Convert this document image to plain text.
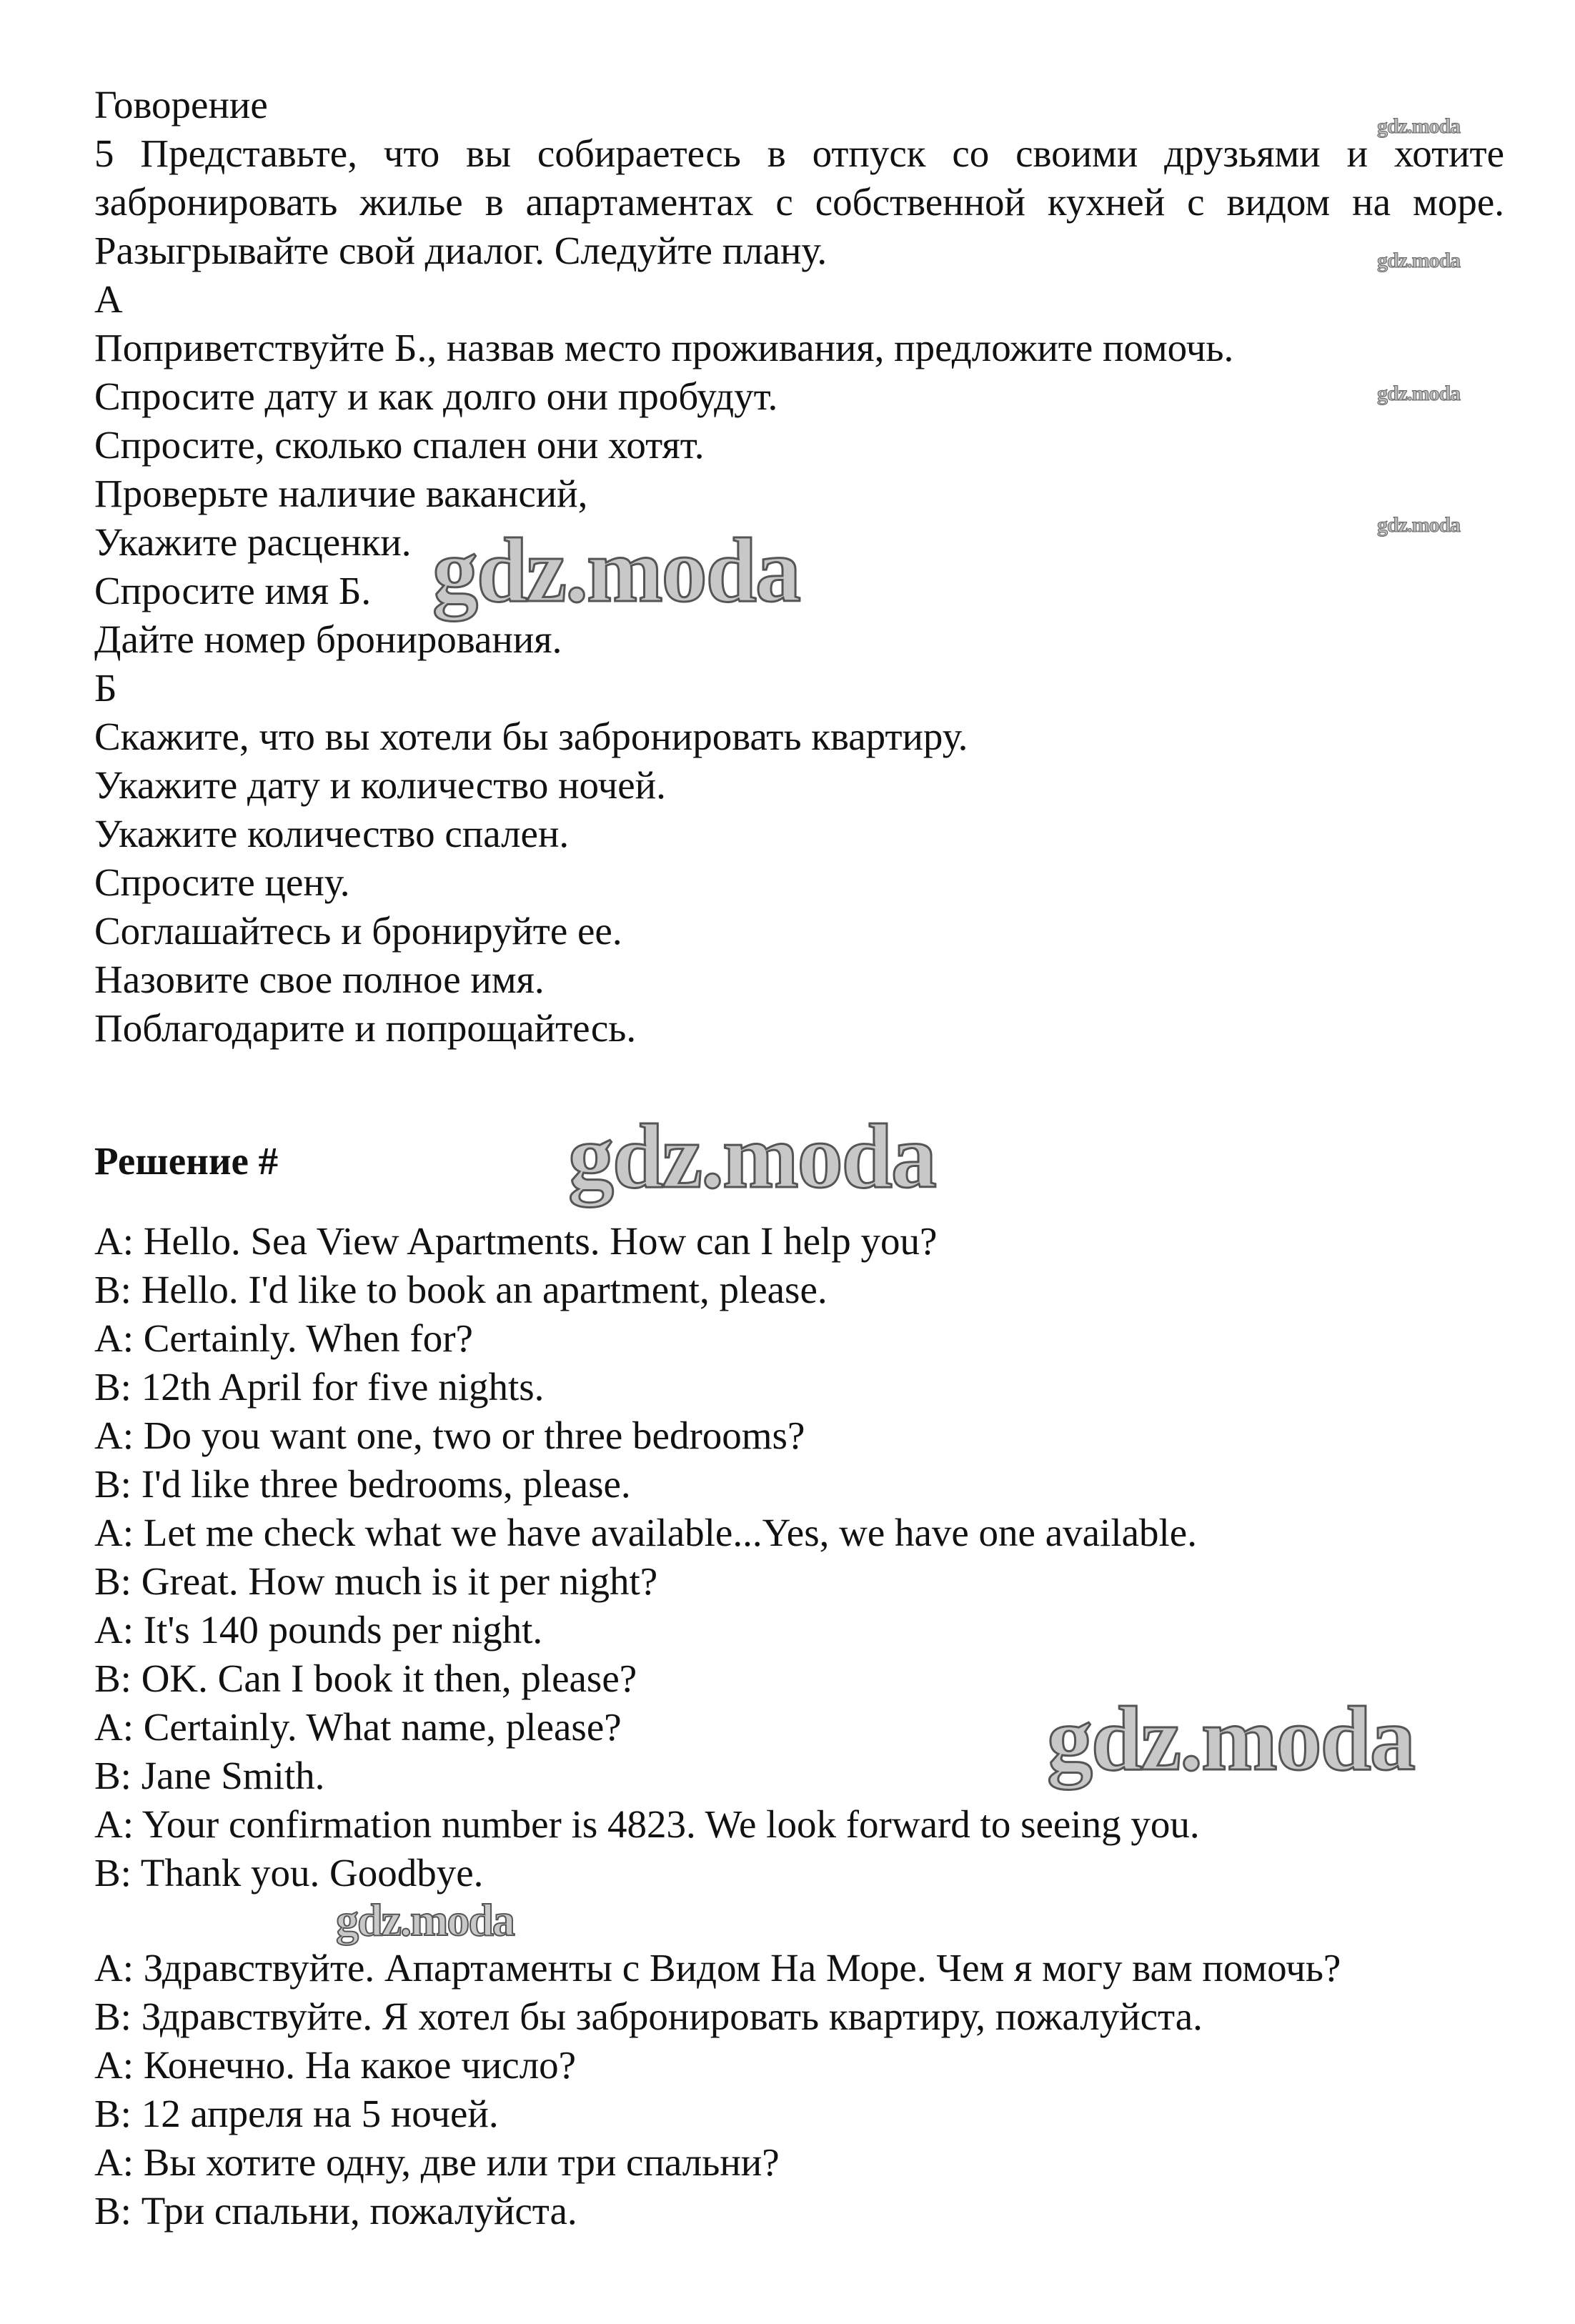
Говорение
5 Представьте, что вы собираетесь в отпуск со своими друзьями и хотите
забронировать жилье в апартаментах с собственной кухней с видом на море.
Разыгрывайте свой диалог. Следуйте плану.
А
Поприветствуйте Б., назвав место проживания, предложите помочь.
Спросите дату и как долго они пробудут.
Спросите, сколько спален они хотят.
Проверьте наличие вакансий,
Укажите расценки.
Спросите имя Б.
Дайте номер бронирования.
Б
Скажите, что вы хотели бы забронировать квартиру.
Укажите дату и количество ночей.
Укажите количество спален.
Спросите цену.
Соглашайтесь и бронируйте ее.
Назовите свое полное имя.
Поблагодарите и попрощайтесь.
Решение #
A: Hello. Sea View Apartments. How can I help you?
B: Hello. I'd like to book an apartment, please.
A: Certainly. When for?
B: 12th April for five nights.
A: Do you want one, two or three bedrooms?
B: I'd like three bedrooms, please.
A: Let me check what we have available...Yes, we have one available.
B: Great. How much is it per night?
A: It's 140 pounds per night.
B: OK. Can I book it then, please?
A: Certainly. What name, please?
B: Jane Smith.
A: Your confirmation number is 4823. We look forward to seeing you.
B: Thank you. Goodbye.
А: Здравствуйте. Апартаменты с Видом На Море. Чем я могу вам помочь?
В: Здравствуйте. Я хотел бы забронировать квартиру, пожалуйста.
А: Конечно. На какое число?
В: 12 апреля на 5 ночей.
А: Вы хотите одну, две или три спальни?
В: Три спальни, пожалуйста.
gdz.moda
gdz.moda
gdz.moda
gdz.moda
gdz.moda
gdz.moda
gdz.moda
gdz.moda
